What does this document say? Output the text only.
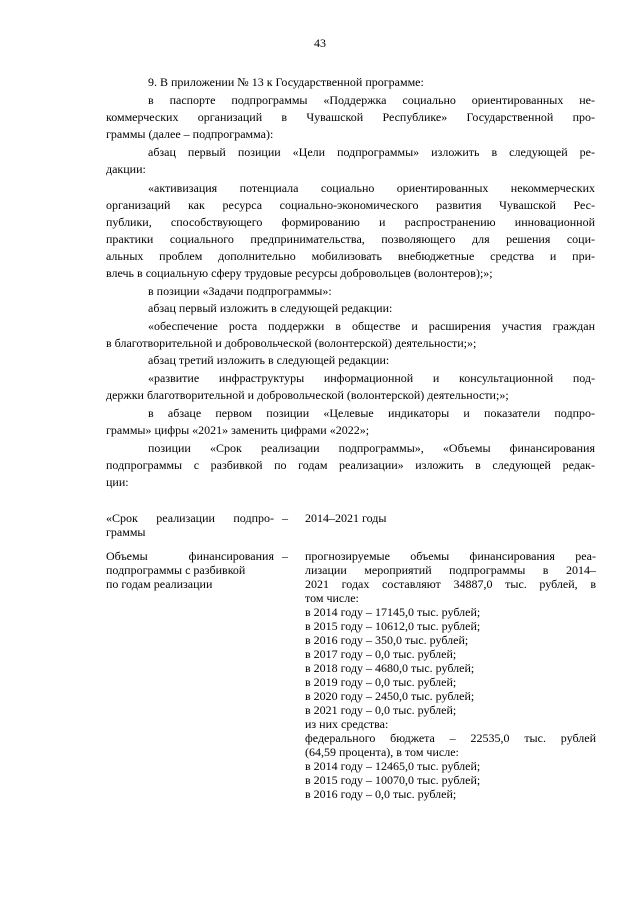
43
9. В приложении № 13 к Государственной программе:
в паспорте подпрограммы «Поддержка социально ориентированных не-
коммерческих организаций в Чувашской Республике» Государственной про-
граммы (далее – подпрограмма):
абзац первый позиции «Цели подпрограммы» изложить в следующей ре-
дакции:
«активизация потенциала социально ориентированных некоммерческих
организаций как ресурса социально-экономического развития Чувашской Рес-
публики, способствующего формированию и распространению инновационной
практики социального предпринимательства, позволяющего для решения соци-
альных проблем дополнительно мобилизовать внебюджетные средства и при-
влечь в социальную сферу трудовые ресурсы добровольцев (волонтеров);»;
в позиции «Задачи подпрограммы»:
абзац первый изложить в следующей редакции:
«обеспечение роста поддержки в обществе и расширения участия граждан
в благотворительной и добровольческой (волонтерской) деятельности;»;
абзац третий изложить в следующей редакции:
«развитие инфраструктуры информационной и консультационной под-
держки благотворительной и добровольческой (волонтерской) деятельности;»;
в абзаце первом позиции «Целевые индикаторы и показатели подпро-
граммы» цифры «2021» заменить цифрами «2022»;
позиции «Срок реализации подпрограммы», «Объемы финансирования
подпрограммы с разбивкой по годам реализации» изложить в следующей редак-
ции:
«Срок реализации подпро-
граммы
– 2014–2021 годы
Объемы финансирования
подпрограммы с разбивкой
по годам реализации
– прогнозируемые объемы финансирования реа-
лизации мероприятий подпрограммы в 2014–
2021 годах составляют 34887,0 тыс. рублей, в
том числе:
в 2014 году – 17145,0 тыс. рублей;
в 2015 году – 10612,0 тыс. рублей;
в 2016 году – 350,0 тыс. рублей;
в 2017 году – 0,0 тыс. рублей;
в 2018 году – 4680,0 тыс. рублей;
в 2019 году – 0,0 тыс. рублей;
в 2020 году – 2450,0 тыс. рублей;
в 2021 году – 0,0 тыс. рублей;
из них средства:
федерального бюджета – 22535,0 тыс. рублей
(64,59 процента), в том числе:
в 2014 году – 12465,0 тыс. рублей;
в 2015 году – 10070,0 тыс. рублей;
в 2016 году – 0,0 тыс. рублей;
